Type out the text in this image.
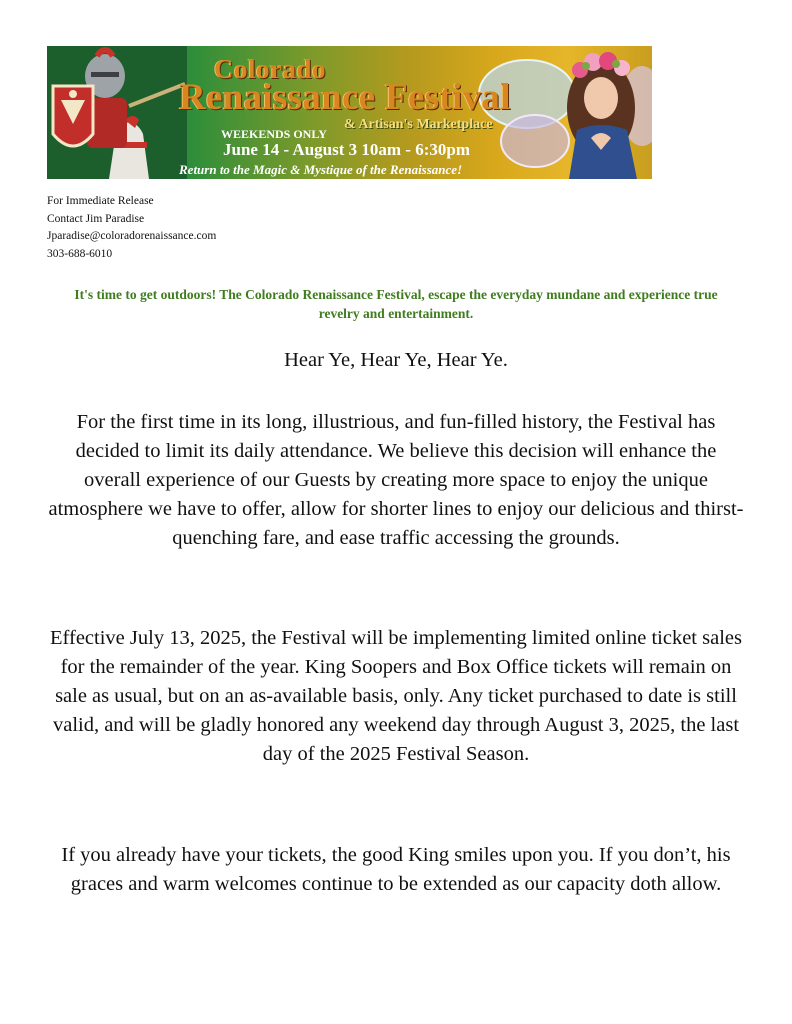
Colorado
Renaissance Festival
& Artisan's Marketplace
WEEKENDS ONLY
June 14 - August 3 10am - 6:30pm
Return to the Magic & Mystique of the Renaissance!
For Immediate Release
Contact Jim Paradise
Jparadise@coloradorenaissance.com
303-688-6010
It's time to get outdoors! The Colorado Renaissance Festival, escape the everyday mundane and experience true revelry and entertainment.
Hear Ye, Hear Ye, Hear Ye.
For the first time in its long, illustrious, and fun-filled history, the Festival has decided to limit its daily attendance. We believe this decision will enhance the overall experience of our Guests by creating more space to enjoy the unique atmosphere we have to offer, allow for shorter lines to enjoy our delicious and thirst-quenching fare, and ease traffic accessing the grounds.
Effective July 13, 2025, the Festival will be implementing limited online ticket sales for the remainder of the year. King Soopers and Box Office tickets will remain on sale as usual, but on an as-available basis, only. Any ticket purchased to date is still valid, and will be gladly honored any weekend day through August 3, 2025, the last day of the 2025 Festival Season.
If you already have your tickets, the good King smiles upon you. If you don’t, his graces and warm welcomes continue to be extended as our capacity doth allow.
